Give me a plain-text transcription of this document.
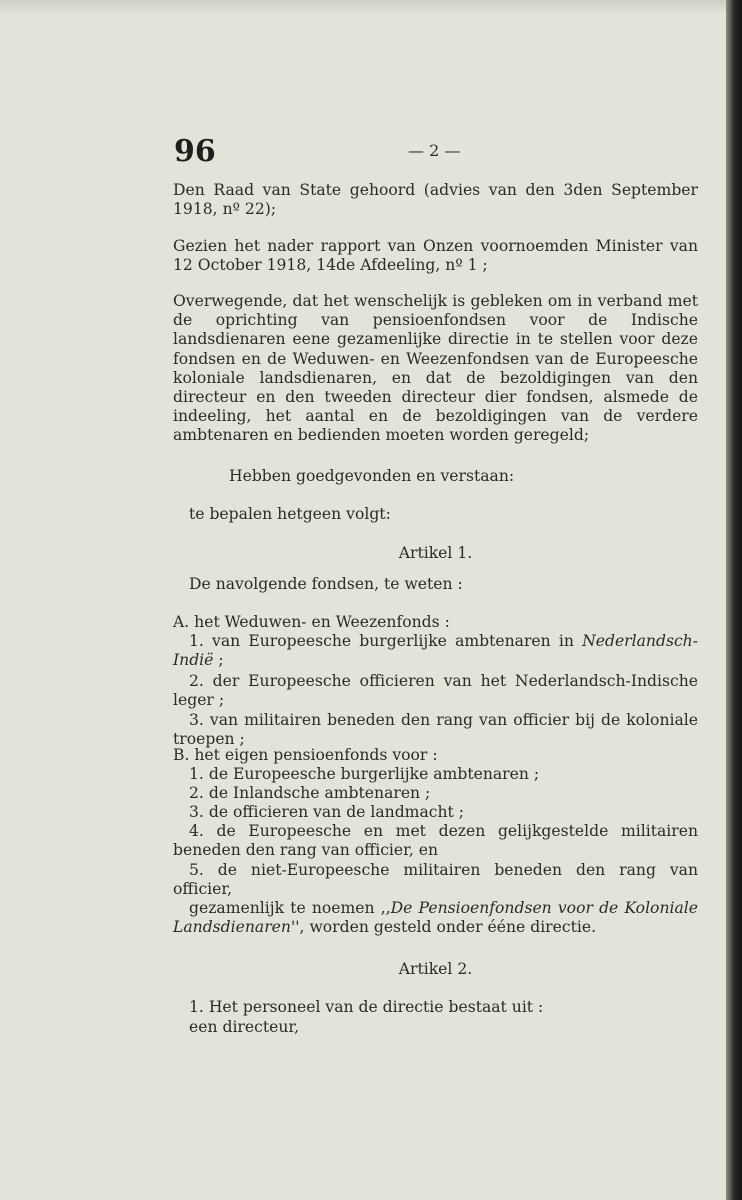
96	— 2 —
Den Raad van State gehoord (advies van den 3den September 1918, nº 22);
Gezien het nader rapport van Onzen voornoemden Minister van 12 October 1918, 14de Afdeeling, nº 1 ;
Overwegende, dat het wenschelijk is gebleken om in verband met de oprichting van pensioenfondsen voor de Indische landsdienaren eene gezamenlijke directie in te stellen voor deze fondsen en de Weduwen- en Weezenfondsen van de Europeesche koloniale landsdienaren, en dat de bezoldigingen van den directeur en den tweeden directeur dier fondsen, alsmede de indeeling, het aantal en de bezoldigingen van de verdere ambtenaren en bedienden moeten worden geregeld;
Hebben goedgevonden en verstaan:
te bepalen hetgeen volgt:
Artikel 1.
De navolgende fondsen, te weten :
A. het Weduwen- en Weezenfonds :
1. van Europeesche burgerlijke ambtenaren in Nederlandsch-Indië ;
2. der Europeesche officieren van het Nederlandsch-Indische leger ;
3. van militairen beneden den rang van officier bij de koloniale troepen ;
B. het eigen pensioenfonds voor :
1. de Europeesche burgerlijke ambtenaren ;
2. de Inlandsche ambtenaren ;
3. de officieren van de landmacht ;
4. de Europeesche en met dezen gelijkgestelde militairen beneden den rang van officier, en
5. de niet-Europeesche militairen beneden den rang van officier,
gezamenlijk te noemen ,,De Pensioenfondsen voor de Koloniale Landsdienaren'', worden gesteld onder ééne directie.
Artikel 2.
1. Het personeel van de directie bestaat uit :
een directeur,
